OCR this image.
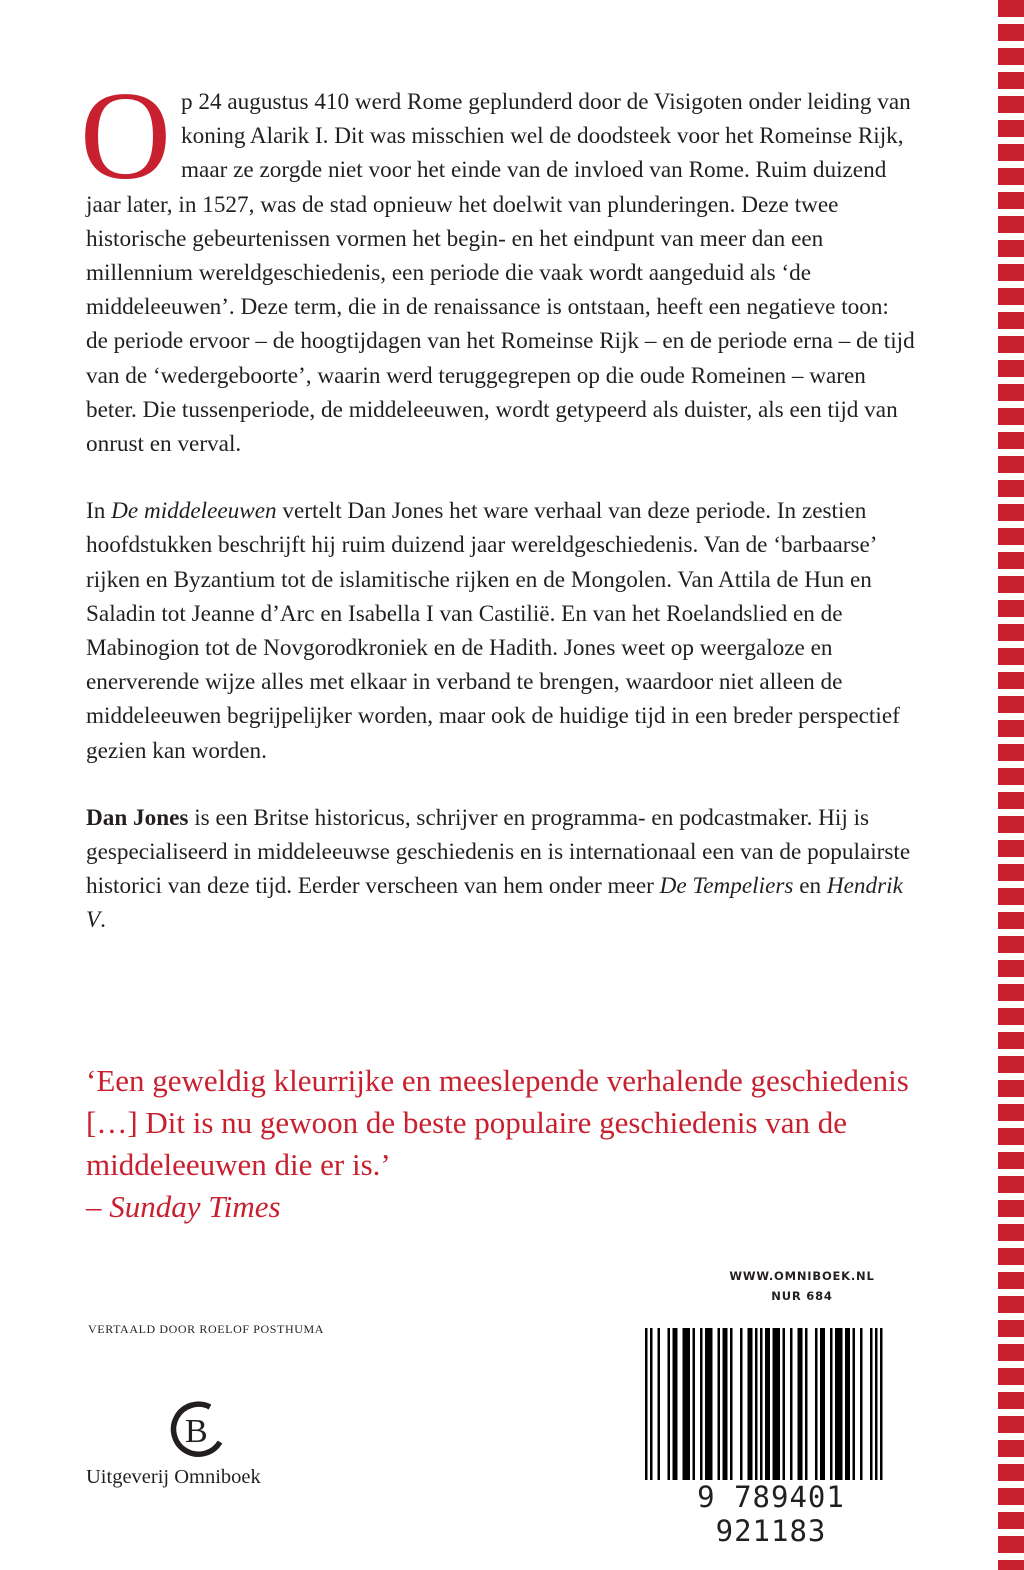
Op 24 augustus 410 werd Rome geplunderd door de Visigoten onder leiding van koning Alarik I. Dit was misschien wel de doodsteek voor het Romeinse Rijk, maar ze zorgde niet voor het einde van de invloed van Rome. Ruim duizend jaar later, in 1527, was de stad opnieuw het doelwit van plunderingen. Deze twee historische gebeurtenissen vormen het begin- en het eindpunt van meer dan een millennium wereldgeschiedenis, een periode die vaak wordt aangeduid als ‘de middeleeuwen’. Deze term, die in de renaissance is ontstaan, heeft een negatieve toon: de periode ervoor – de hoogtijdagen van het Romeinse Rijk – en de periode erna – de tijd van de ‘wedergeboorte’, waarin werd teruggegrepen op die oude Romeinen – waren beter. Die tussenperiode, de middeleeuwen, wordt getypeerd als duister, als een tijd van onrust en verval.

In De middeleeuwen vertelt Dan Jones het ware verhaal van deze periode. In zestien hoofdstukken beschrijft hij ruim duizend jaar wereldgeschiedenis. Van de ‘barbaarse’ rijken en Byzantium tot de islamitische rijken en de Mongolen. Van Attila de Hun en Saladin tot Jeanne d’Arc en Isabella I van Castilië. En van het Roelandslied en de Mabinogion tot de Novgorodkroniek en de Hadith. Jones weet op weergaloze en enerverende wijze alles met elkaar in verband te brengen, waardoor niet alleen de middeleeuwen begrijpelijker worden, maar ook de huidige tijd in een breder perspectief gezien kan worden.

Dan Jones is een Britse historicus, schrijver en programma- en podcastmaker. Hij is gespecialiseerd in middeleeuwse geschiedenis en is internationaal een van de populairste historici van deze tijd. Eerder verscheen van hem onder meer De Tempeliers en Hendrik V.

‘Een geweldig kleurrijke en meeslepende verhalende geschiedenis […] Dit is nu gewoon de beste populaire geschiedenis van de middeleeuwen die er is.’
– Sunday Times

WWW.OMNIBOEK.NL
NUR 684
VERTAALD DOOR ROELOF POSTHUMA
B
Uitgeverij Omniboek
9 789401 921183
